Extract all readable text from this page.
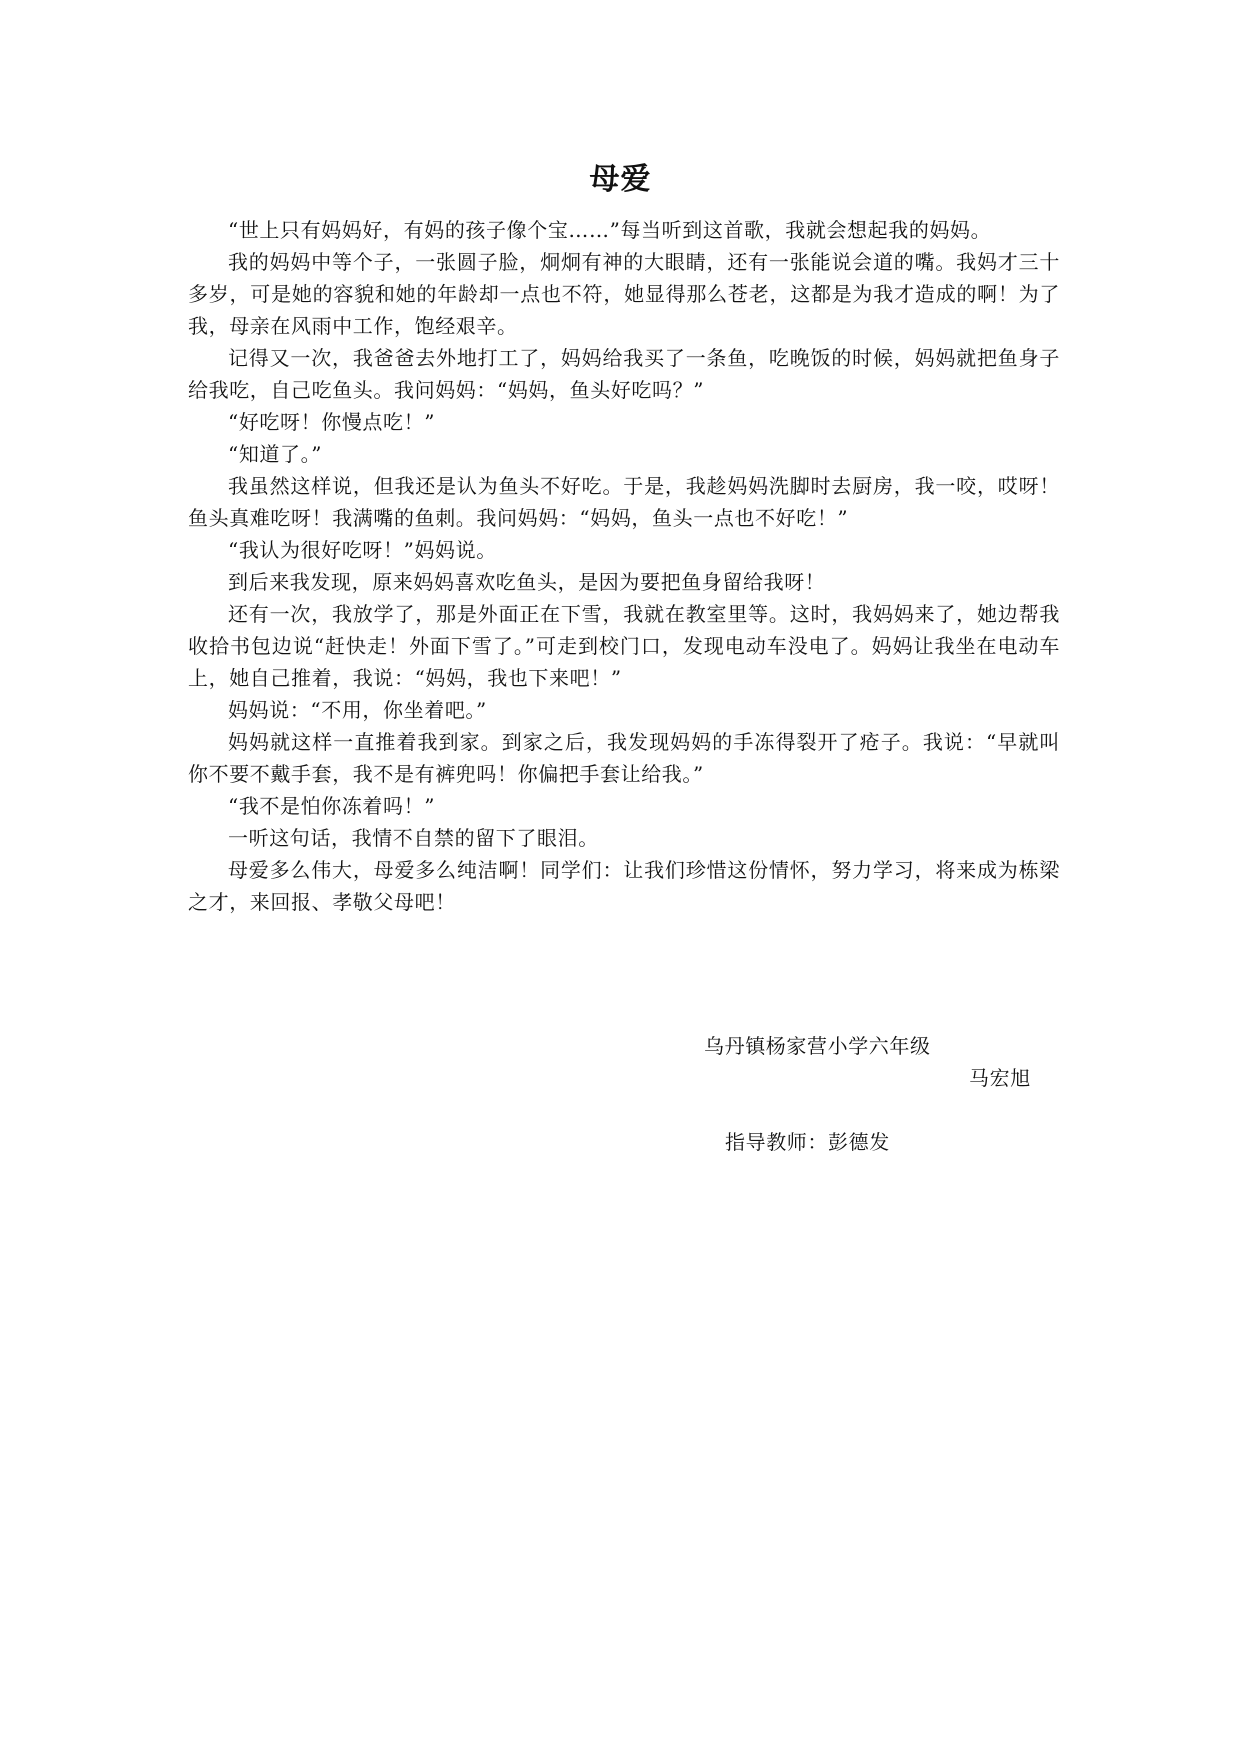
母爱

“世上只有妈妈好，有妈的孩子像个宝……”每当听到这首歌，我就会想起我的妈妈。

我的妈妈中等个子，一张圆子脸，炯炯有神的大眼睛，还有一张能说会道的嘴。我妈才三十多岁，可是她的容貌和她的年龄却一点也不符，她显得那么苍老，这都是为我才造成的啊！为了我，母亲在风雨中工作，饱经艰辛。

记得又一次，我爸爸去外地打工了，妈妈给我买了一条鱼，吃晚饭的时候，妈妈就把鱼身子给我吃，自己吃鱼头。我问妈妈：“妈妈，鱼头好吃吗？”

“好吃呀！你慢点吃！”

“知道了。”

我虽然这样说，但我还是认为鱼头不好吃。于是，我趁妈妈洗脚时去厨房，我一咬，哎呀！鱼头真难吃呀！我满嘴的鱼刺。我问妈妈：“妈妈，鱼头一点也不好吃！”

“我认为很好吃呀！”妈妈说。

到后来我发现，原来妈妈喜欢吃鱼头，是因为要把鱼身留给我呀！

还有一次，我放学了，那是外面正在下雪，我就在教室里等。这时，我妈妈来了，她边帮我收拾书包边说“赶快走！外面下雪了。”可走到校门口，发现电动车没电了。妈妈让我坐在电动车上，她自己推着，我说：“妈妈，我也下来吧！”

妈妈说：“不用，你坐着吧。”

妈妈就这样一直推着我到家。到家之后，我发现妈妈的手冻得裂开了疮子。我说：“早就叫你不要不戴手套，我不是有裤兜吗！你偏把手套让给我。”

“我不是怕你冻着吗！”

一听这句话，我情不自禁的留下了眼泪。

母爱多么伟大，母爱多么纯洁啊！同学们：让我们珍惜这份情怀，努力学习，将来成为栋梁之才，来回报、孝敬父母吧！

乌丹镇杨家营小学六年级

马宏旭

指导教师：彭德发
